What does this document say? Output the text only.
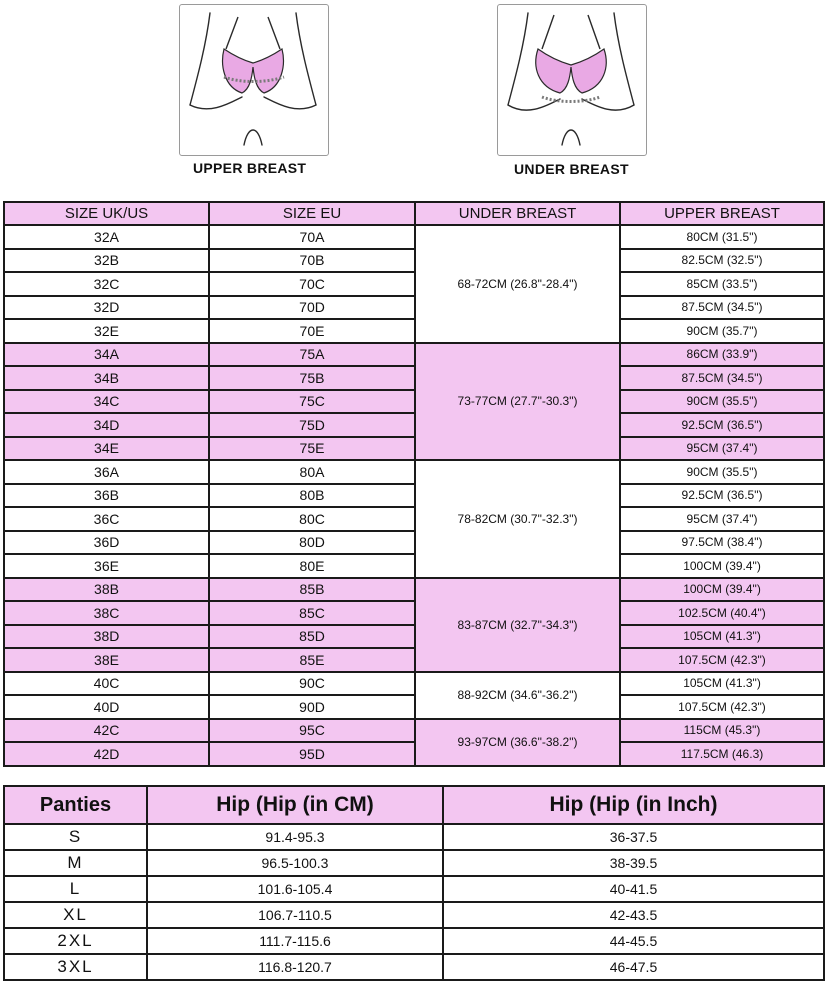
UPPER BREAST	UNDER BREAST
SIZE UK/US	SIZE EU	UNDER BREAST	UPPER BREAST
32A	70A	68-72CM (26.8"-28.4")	80CM (31.5")
32B	70B		82.5CM (32.5")
32C	70C		85CM (33.5")
32D	70D		87.5CM (34.5")
32E	70E		90CM (35.7")
34A	75A	73-77CM (27.7"-30.3")	86CM (33.9")
34B	75B		87.5CM (34.5")
34C	75C		90CM (35.5")
34D	75D		92.5CM (36.5")
34E	75E		95CM (37.4")
36A	80A	78-82CM (30.7"-32.3")	90CM (35.5")
36B	80B		92.5CM (36.5")
36C	80C		95CM (37.4")
36D	80D		97.5CM (38.4")
36E	80E		100CM (39.4")
38B	85B	83-87CM (32.7"-34.3")	100CM (39.4")
38C	85C		102.5CM (40.4")
38D	85D		105CM (41.3")
38E	85E		107.5CM (42.3")
40C	90C	88-92CM (34.6"-36.2")	105CM (41.3")
40D	90D		107.5CM (42.3")
42C	95C	93-97CM (36.6"-38.2")	115CM (45.3")
42D	95D		117.5CM (46.3)
Panties	Hip (Hip (in CM)	Hip (Hip (in Inch)
S	91.4-95.3	36-37.5
M	96.5-100.3	38-39.5
L	101.6-105.4	40-41.5
XL	106.7-110.5	42-43.5
2XL	111.7-115.6	44-45.5
3XL	116.8-120.7	46-47.5
